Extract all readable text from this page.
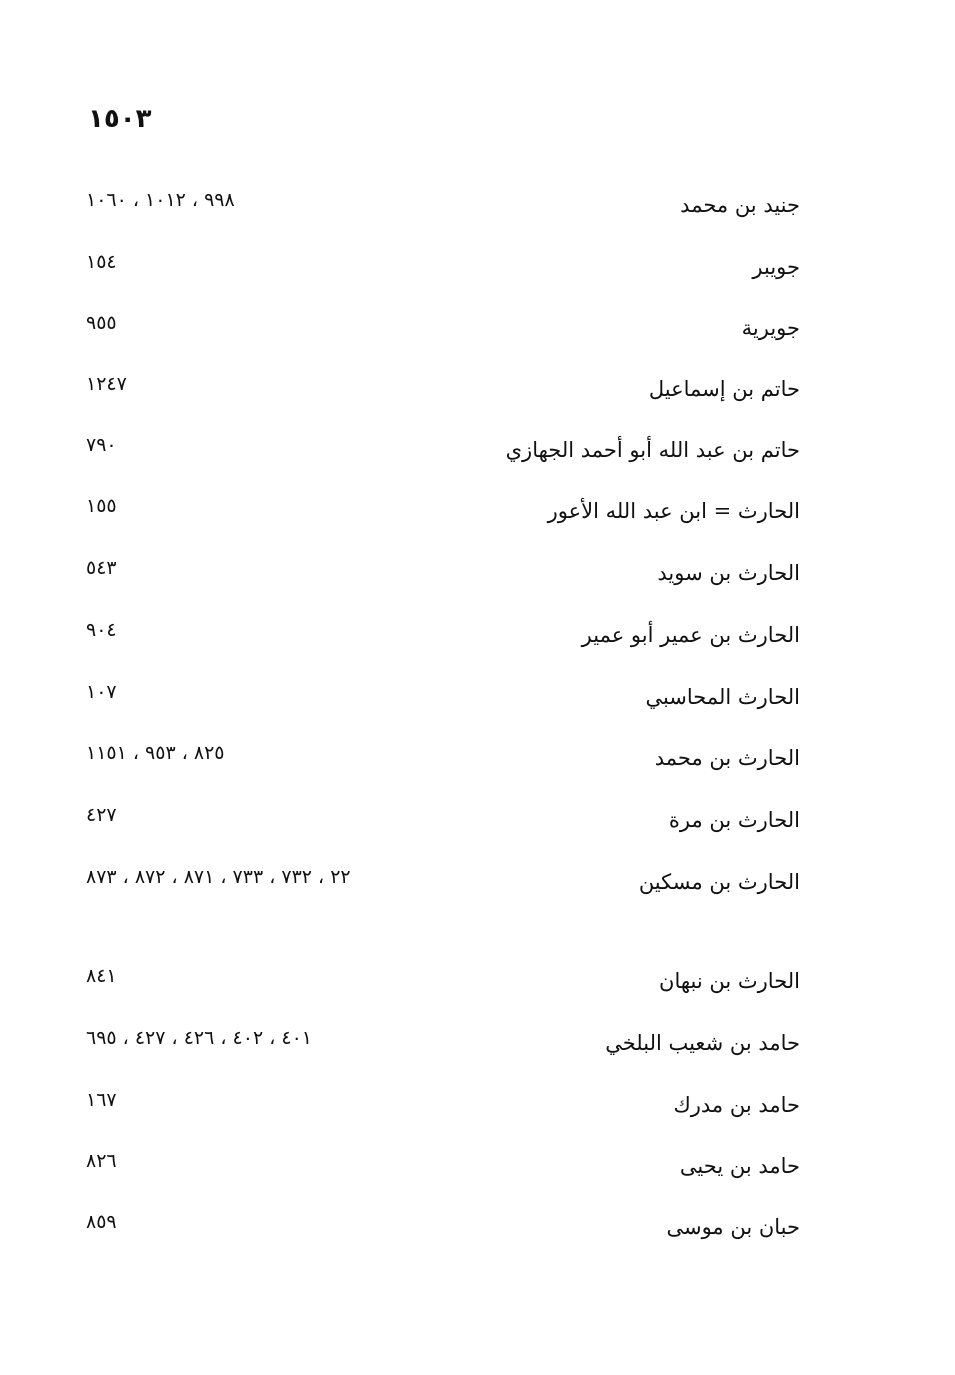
١٥٠٣
جنيد بن محمد
٩٩٨ ، ١٠١٢ ، ١٠٦٠
جويبر
١٥٤
جويرية
٩٥٥
حاتم بن إسماعيل
١٢٤٧
حاتم بن عبد الله أبو أحمد الجهازي
٧٩٠
الحارث = ابن عبد الله الأعور
١٥٥
الحارث بن سويد
٥٤٣
الحارث بن عمير أبو عمير
٩٠٤
الحارث المحاسبي
١٠٧
الحارث بن محمد
٨٢٥ ، ٩٥٣ ، ١١٥١
الحارث بن مرة
٤٢٧
الحارث بن مسكين
٢٢ ، ٧٣٢ ، ٧٣٣ ، ٨٧١ ، ٨٧٢ ، ٨٧٣
الحارث بن نبهان
٨٤١
حامد بن شعيب البلخي
٤٠١ ، ٤٠٢ ، ٤٢٦ ، ٤٢٧ ، ٦٩٥
حامد بن مدرك
١٦٧
حامد بن يحيى
٨٢٦
حبان بن موسى
٨٥٩
